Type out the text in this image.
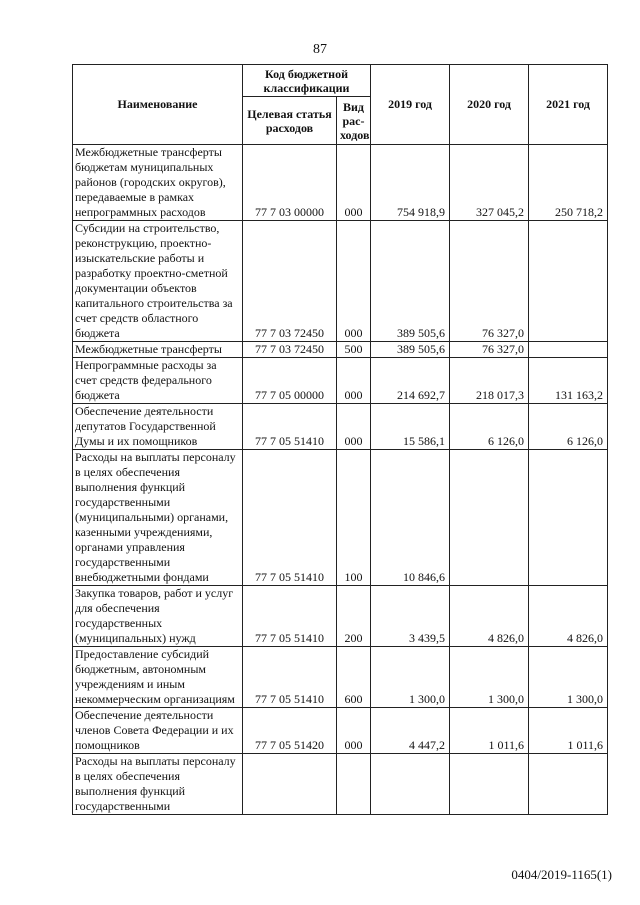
87
Наименование	Код бюджетной классификации		2019 год	2020 год	2021 год
	Целевая статья расходов	Вид рас-ходов			
Межбюджетные трансферты бюджетам муниципальных районов (городских округов), передаваемые в рамках непрограммных расходов	77 7 03 00000	000	754 918,9	327 045,2	250 718,2
Субсидии на строительство, реконструкцию, проектно-изыскательские работы и разработку проектно-сметной документации объектов капитального строительства за счет средств областного бюджета	77 7 03 72450	000	389 505,6	76 327,0	
Межбюджетные трансферты	77 7 03 72450	500	389 505,6	76 327,0	
Непрограммные расходы за счет средств федерального бюджета	77 7 05 00000	000	214 692,7	218 017,3	131 163,2
Обеспечение деятельности депутатов Государственной Думы и их помощников	77 7 05 51410	000	15 586,1	6 126,0	6 126,0
Расходы на выплаты персоналу в целях обеспечения выполнения функций государственными (муниципальными) органами, казенными учреждениями, органами управления государственными внебюджетными фондами	77 7 05 51410	100	10 846,6		
Закупка товаров, работ и услуг для обеспечения государственных (муниципальных) нужд	77 7 05 51410	200	3 439,5	4 826,0	4 826,0
Предоставление субсидий бюджетным, автономным учреждениям и иным некоммерческим организациям	77 7 05 51410	600	1 300,0	1 300,0	1 300,0
Обеспечение деятельности членов Совета Федерации и их помощников	77 7 05 51420	000	4 447,2	1 011,6	1 011,6
Расходы на выплаты персоналу в целях обеспечения выполнения функций государственными					
0404/2019-1165(1)
